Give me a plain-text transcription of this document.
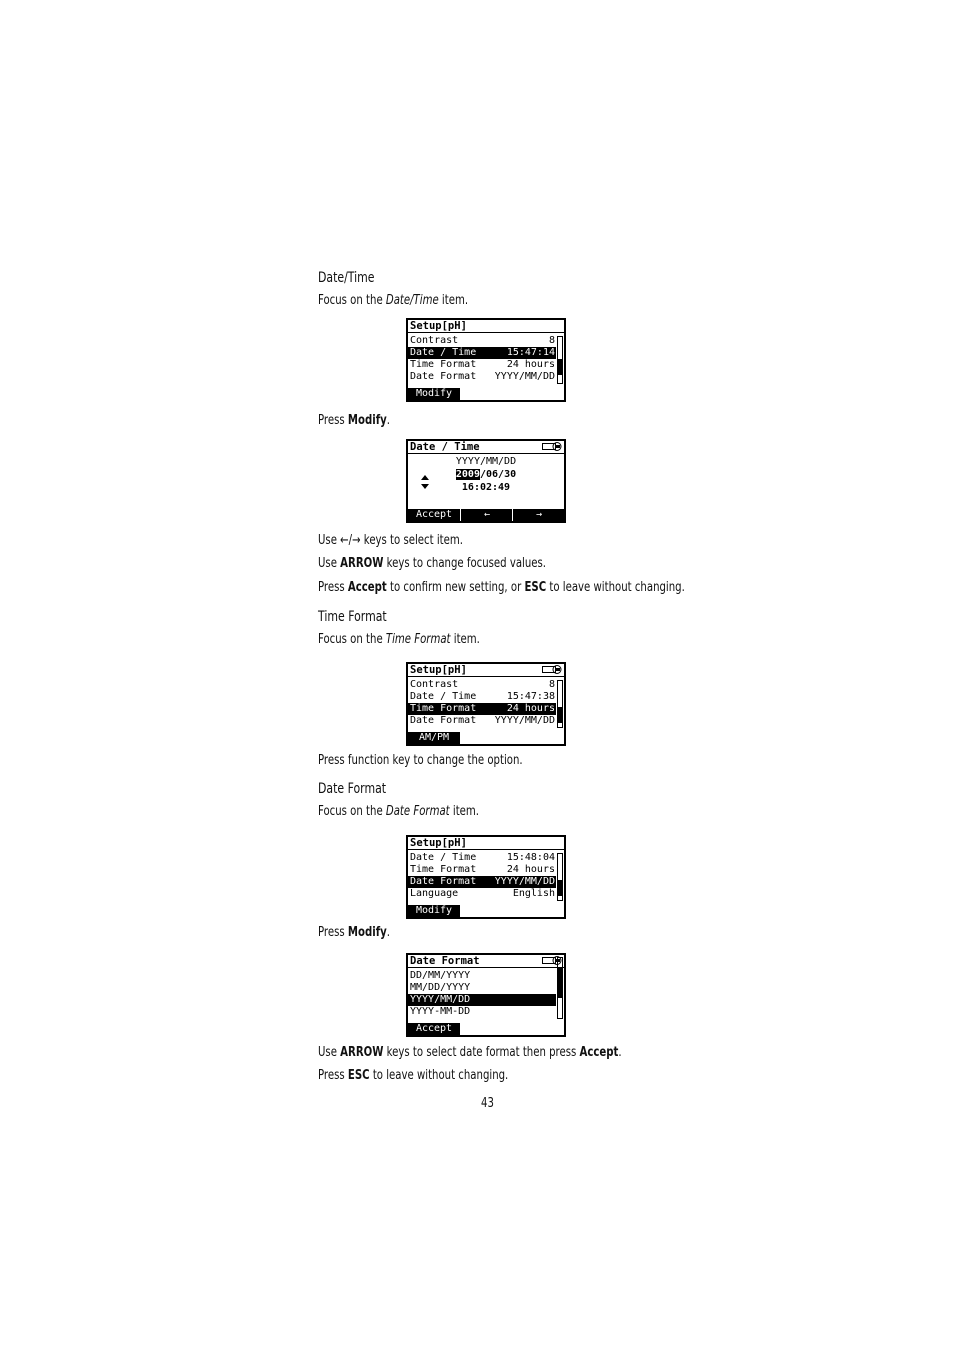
Date/Time
Focus on the Date/Time item.
Setup[pH]
Contrast	8
Date / Time	15:47:14
Time Format	24 hours
Date Format YYYY/MM/DD
Modify
Press Modify.
Date / Time
YYYY/MM/DD
2009/06/30
16:02:49
Accept	←	→
Use ←/→ keys to select item.
Use ARROW keys to change focused values.
Press Accept to confirm new setting, or ESC to leave without changing.
Time Format
Focus on the Time Format item.
Setup[pH]
Contrast	8
Date / Time	15:47:38
Time Format	24 hours
Date Format YYYY/MM/DD
AM/PM
Press function key to change the option.
Date Format
Focus on the Date Format item.
Setup[pH]
Date / Time	15:48:04
Time Format	24 hours
Date Format YYYY/MM/DD
Language	English
Modify
Press Modify.
Date Format
DD/MM/YYYY
MM/DD/YYYY
YYYY/MM/DD
YYYY-MM-DD
Accept
Use ARROW keys to select date format then press Accept.
Press ESC to leave without changing.
43
